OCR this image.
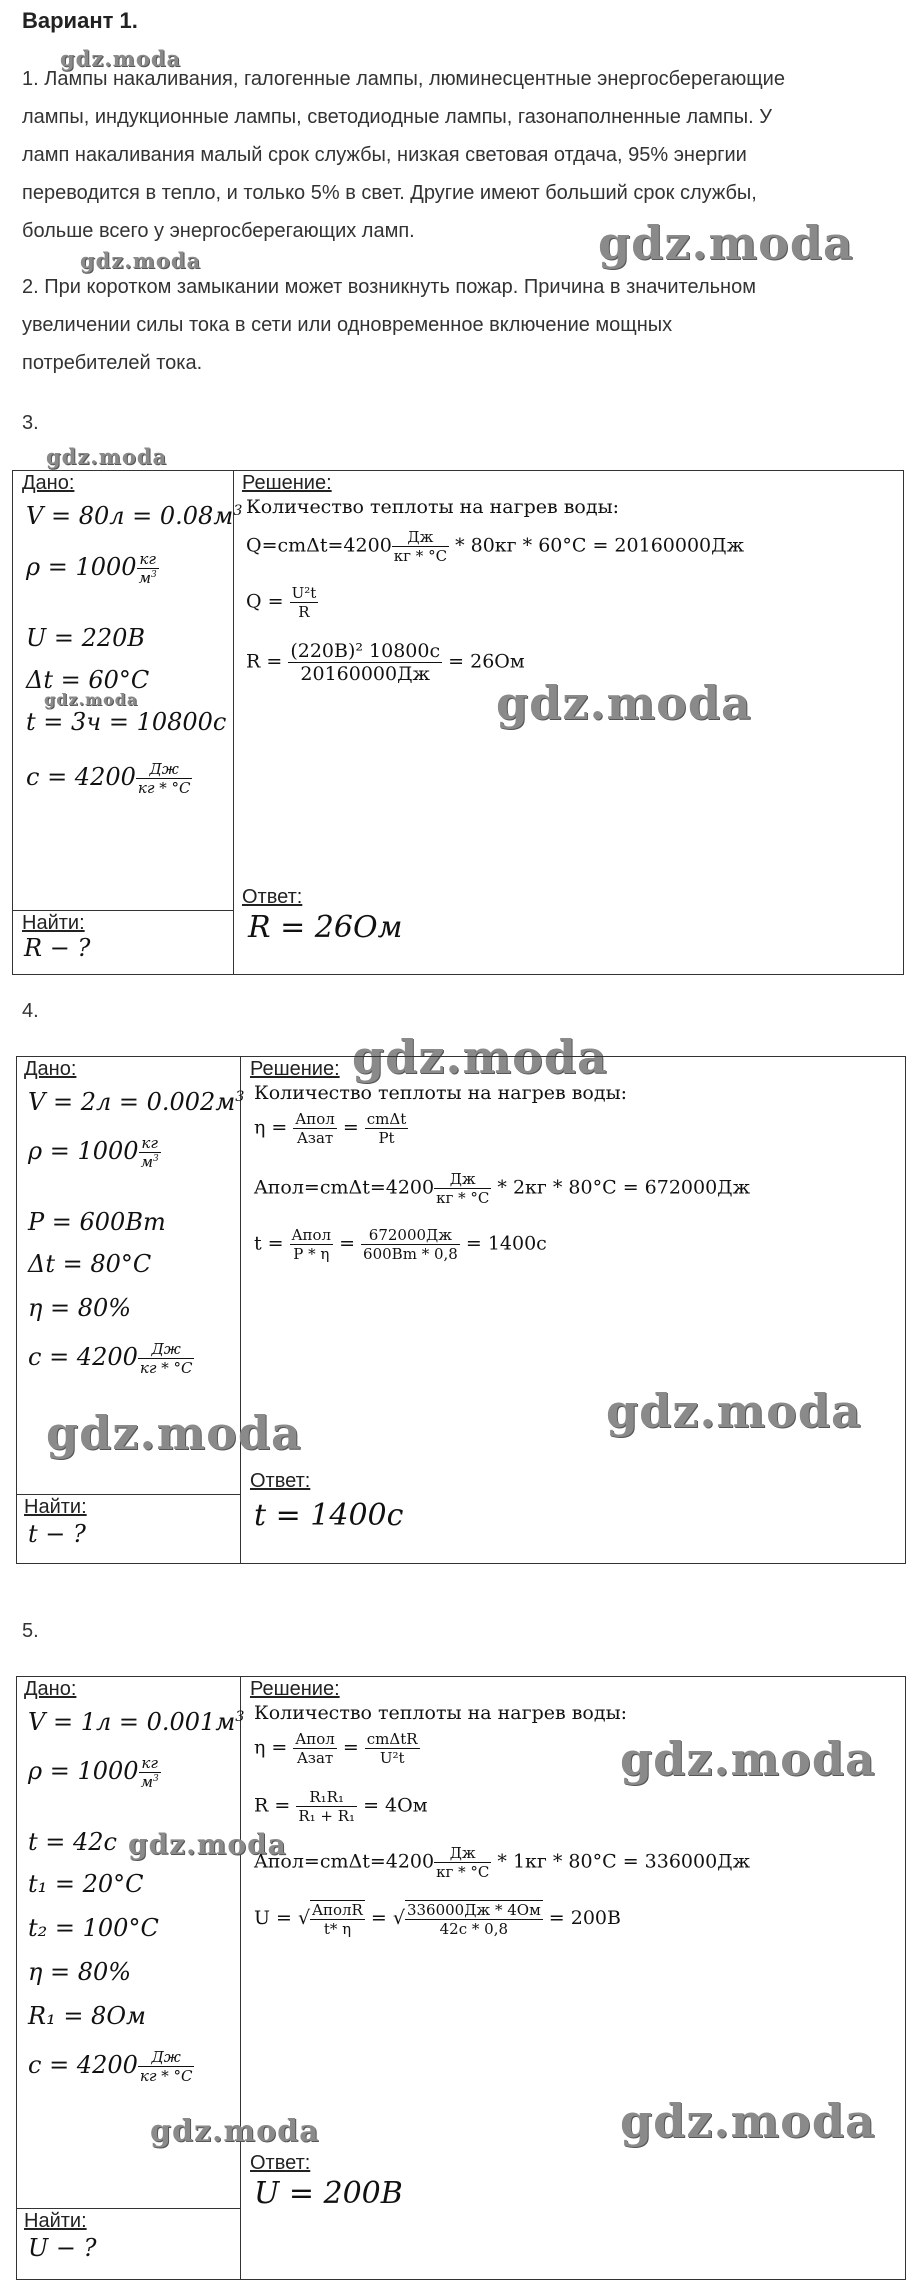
Вариант 1.
gdz.moda
1. Лампы накаливания, галогенные лампы, люминесцентные энергосберегающие
лампы, индукционные лампы, светодиодные лампы, газонаполненные лампы. У
ламп накаливания малый срок службы, низкая световая отдача, 95% энергии
переводится в тепло, и только 5% в свет. Другие имеют больший срок службы,
больше всего у энергосберегающих ламп.	gdz.moda
gdz.moda
2. При коротком замыкании может возникнуть пожар. Причина в значительном
увеличении силы тока в сети или одновременное включение мощных
потребителей тока.
3.
gdz.moda
Дано:
$V = 80л = 0.08м^3$
$\rho = 1000 \frac{кг}{м^3}$
U = 220B
Δt = 60°C
gdz.moda
t = 3ч = 10800c
$c = 4200 \frac{Дж}{кг * ^\circ C}$
Найти:
R − ?
Решение:
Количество теплоты на нагрев воды:
$Q=cm\Delta t=4200 \frac{Дж}{кг * ^\circ C} * 80кг * 60^\circ C = 20160000Дж$
$Q = \frac{\text{U²t}}{R}$
$R = \frac{\text{(220B)² 10800c}}{20160000Дж} = 26Ом$
gdz.moda
Ответ:
R = 26Ом
4.
gdz.moda
Дано:
$V = 2л = 0.002м^3$
$\rho = 1000 \frac{кг}{м^3}$
P = 600Bm
Δt = 80°C
η = 80%
$c = 4200 \frac{Дж}{кг * ^\circ C}$
gdz.moda
Найти:
t − ?
Решение:
Количество теплоты на нагрев воды:
$\eta = \frac{\text{Aпол}}{\text{Aзат}} = \frac{\text{cmΔt}}{Pt}$
Aпол=cmΔt=4200 $\frac{Дж}{кг * ^\circ C} * 2кг * 80^\circ C = 672000Дж$
$t = \frac{\text{Aпол}}{P * \eta} = \frac{672000Дж}{600Bm * 0,8} = 1400c$
gdz.moda
Ответ:
t = 1400c
5.
Дано:
$V = 1л = 0.001м^3$
$\rho = 1000 \frac{кг}{м^3}$
t = 42c gdz.moda
t₁ = 20°C
t₂ = 100°C
η = 80%
R₁ = 8Ом
$c = 4200 \frac{Дж}{кг * ^\circ C}$
gdz.moda
Найти:
U − ?
Решение:
Количество теплоты на нагрев воды:
$\eta = \frac{\text{Aпол}}{\text{Aзат}} = \frac{\text{cmΔtR}}{\text{U²t}}$	gdz.moda
$R = \frac{\text{R₁R₁}}{\text{R₁ + R₁}} = 4Ом$
Aпол=cmΔt=4200 $\frac{Дж}{кг * ^\circ C} * 1кг * 80^\circ C = 336000Дж$
U = √ $\frac{\text{AполR}}{t* \eta}$ = √ $\frac{336000Дж * 4Ом}{42c * 0,8} = 200B$
gdz.moda
Ответ:
U = 200B
